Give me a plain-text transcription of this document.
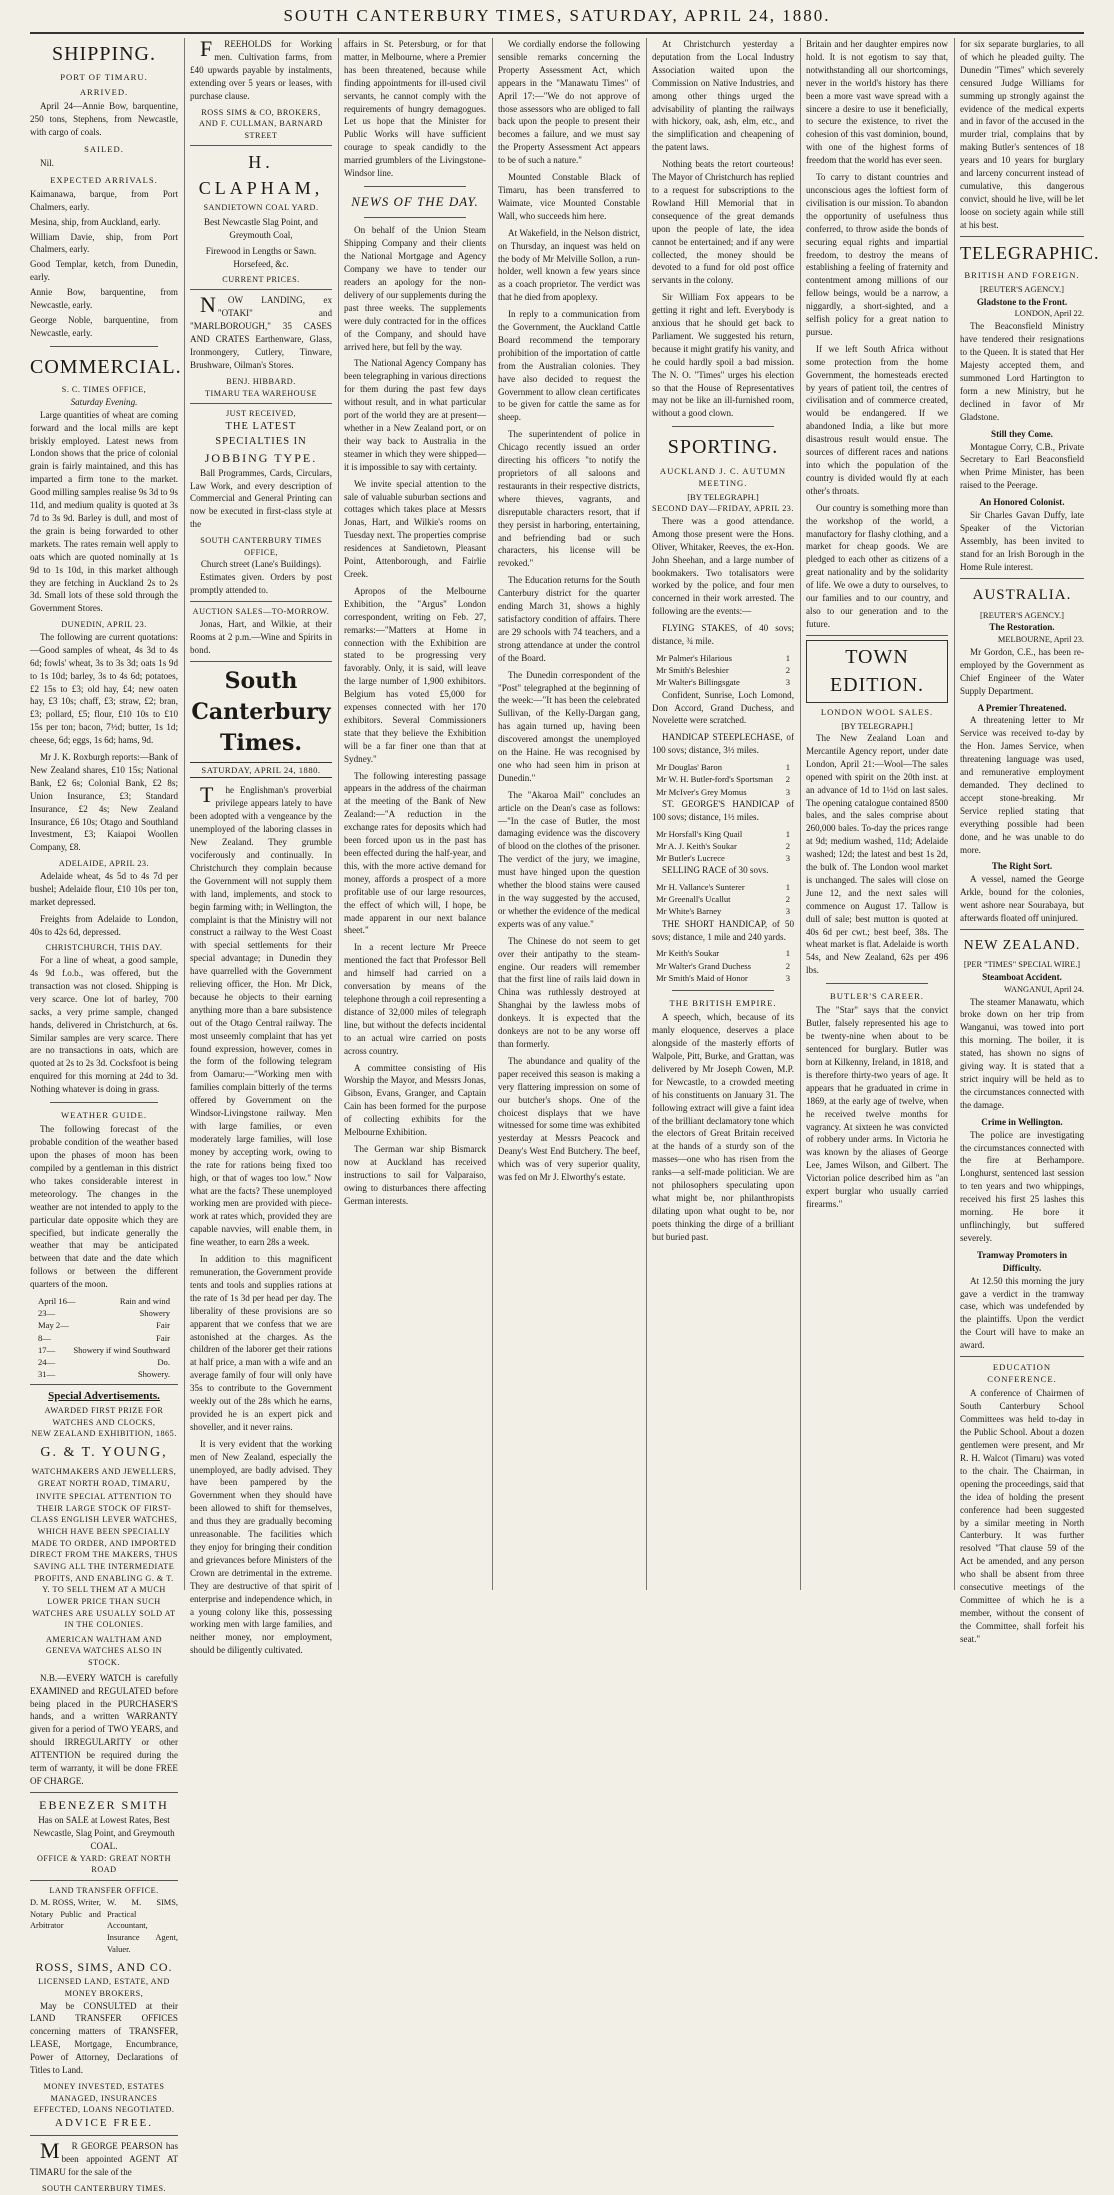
SOUTH CANTERBURY TIMES, SATURDAY, APRIL 24, 1880.
SHIPPING.
PORT OF TIMARU.
ARRIVED.

April 24—Annie Bow, barquentine, 250 tons, Stephens, from Newcastle, with cargo of coals.

SAILED.

Nil.

EXPECTED ARRIVALS.
Kaimanawa, barque, from Port Chalmers, early.
Mesina, ship, from Auckland, early.
William Davie, ship, from Port Chalmers, early.
Good Templar, ketch, from Dunedin, early.
Annie Bow, barquentine, from Newcastle, early.
George Noble, barquentine, from Newcastle, early.
COMMERCIAL.
S. C. TIMES OFFICE,
Saturday Evening.

Large quantities of wheat are coming forward and the local mills are kept briskly employed. Latest news from London shows that the price of colonial grain is fairly maintained, and this has imparted a firm tone to the market. Good milling samples realise 9s 3d to 9s 11d, and medium quality is quoted at 3s 7d to 3s 9d. Barley is dull, and most of the grain is being forwarded to other markets. The rates remain well apply to oats which are quoted nominally at 1s 9d to 1s 10d, in this market although they are fetching in Auckland 2s to 2s 3d. Small lots of these sold through the Government Stores.

DUNEDIN, APRIL 23.

The following are current quotations:—Good samples of wheat, 4s 3d to 4s 6d; fowls' wheat, 3s to 3s 3d; oats 1s 9d to 1s 10d; barley, 3s to 4s 6d; potatoes, £2 15s to £3; old hay, £4; new oaten hay, £3 10s; chaff, £3; straw, £2; bran, £3; pollard, £5; flour, £10 10s to £10 15s per ton; bacon, 7½d; butter, 1s 1d; cheese, 6d; eggs, 1s 6d; hams, 9d.

Mr J. K. Roxburgh reports:—Bank of New Zealand shares, £10 15s; National Bank, £2 6s; Colonial Bank, £2 8s; Union Insurance, £3; Standard Insurance, £2 4s; New Zealand Insurance, £6 10s; Otago and Southland Investment, £3; Kaiapoi Woollen Company, £8.

ADELAIDE, APRIL 23.

Adelaide wheat, 4s 5d to 4s 7d per bushel; Adelaide flour, £10 10s per ton, market depressed.

Freights from Adelaide to London, 40s to 42s 6d, depressed.

CHRISTCHURCH, THIS DAY.

For a line of wheat, a good sample, 4s 9d f.o.b., was offered, but the transaction was not closed. Shipping is very scarce. One lot of barley, 700 sacks, a very prime sample, changed hands, delivered in Christchurch, at 6s. Similar samples are very scarce. There are no transactions in oats, which are quoted at 2s to 2s 3d. Cocksfoot is being enquired for this morning at 24d to 3d. Nothing whatever is doing in grass.

WEATHER GUIDE.

The following forecast of the probable condition of the weather based upon the phases of moon has been compiled by a gentleman in this district who takes considerable interest in meteorology. The changes in the weather are not intended to apply to the particular date opposite which they are specified, but indicate generally the weather that may be anticipated between that date and the date which follows or between the different quarters of the moon.

April 16—	Rain and wind
23—	Showery
May 2—	Fair
8—	Fair
17— Showery if wind Southward
24—	Do.
31—	Showery.
Special Advertisements.
AWARDED FIRST PRIZE FOR
WATCHES AND CLOCKS,
NEW ZEALAND EXHIBITION, 1865.
G. & T. YOUNG,
WATCHMAKERS AND JEWELLERS,
GREAT NORTH ROAD, TIMARU,
INVITE SPECIAL ATTENTION TO THEIR LARGE STOCK OF FIRST-CLASS ENGLISH LEVER WATCHES, WHICH HAVE BEEN SPECIALLY MADE TO ORDER, AND IMPORTED DIRECT FROM THE MAKERS, THUS SAVING ALL THE INTERMEDIATE PROFITS, AND ENABLING G. & T. Y. TO SELL THEM AT A MUCH LOWER PRICE THAN SUCH WATCHES ARE USUALLY SOLD AT IN THE COLONIES.
AMERICAN WALTHAM AND GENEVA WATCHES ALSO IN STOCK.

N.B.—EVERY WATCH is carefully EXAMINED and REGULATED before being placed in the PURCHASER'S hands, and a written WARRANTY given for a period of TWO YEARS, and should IRREGULARITY or other ATTENTION be required during the term of warranty, it will be done FREE OF CHARGE.

EBENEZER SMITH
Has on SALE at Lowest Rates, Best Newcastle, Slag Point, and Greymouth COAL.
OFFICE & YARD: GREAT NORTH ROAD
LAND TRANSFER OFFICE.
D. M. ROSS, Writer, Notary Public and Arbitrator
W. M. SIMS, Practical Accountant, Insurance Agent, Valuer.
ROSS, SIMS, AND CO.
LICENSED LAND, ESTATE, AND MONEY BROKERS,

May be CONSULTED at their LAND TRANSFER OFFICES concerning matters of TRANSFER, LEASE, Mortgage, Encumbrance, Power of Attorney, Declarations of Titles to Land.

MONEY INVESTED, ESTATES MANAGED, INSURANCES EFFECTED, LOANS NEGOTIATED.
ADVICE FREE.

MR GEORGE PEARSON has been appointed AGENT AT TIMARU for the sale of the

SOUTH CANTERBURY TIMES.

FREEHOLDS for Working men. Cultivation farms, from £40 upwards payable by instalments, extending over 5 years or leases, with purchase clause.

ROSS SIMS & CO, BROKERS,
AND F. CULLMAN, BARNARD STREET
H. CLAPHAM,
SANDIETOWN COAL YARD.
Best Newcastle Slag Point, and Greymouth Coal,
Firewood in Lengths or Sawn.
Horsefeed, &c.
CURRENT PRICES.

NOW LANDING, ex "OTAKI" and "MARLBOROUGH," 35 CASES AND CRATES Earthenware, Glass, Ironmongery, Cutlery, Tinware, Brushware, Oilman's Stores.

BENJ. HIBBARD.
TIMARU TEA WAREHOUSE
JUST RECEIVED,
THE LATEST SPECIALTIES IN
JOBBING TYPE.

Ball Programmes, Cards, Circulars, Law Work, and every description of Commercial and General Printing can now be executed in first-class style at the

SOUTH CANTERBURY TIMES OFFICE,
Church street (Lane's Buildings).

Estimates given. Orders by post promptly attended to.

AUCTION SALES—TO-MORROW.

Jonas, Hart, and Wilkie, at their Rooms at 2 p.m.—Wine and Spirits in bond.

South Canterbury Times.
SATURDAY, APRIL 24, 1880.

The Englishman's proverbial privilege appears lately to have been adopted with a vengeance by the unemployed of the laboring classes in New Zealand. They grumble vociferously and continually. In Christchurch they complain because the Government will not supply them with land, implements, and stock to begin farming with; in Wellington, the complaint is that the Ministry will not construct a railway to the West Coast with special settlements for their special advantage; in Dunedin they have quarrelled with the Government relieving officer, the Hon. Mr Dick, because he objects to their earning anything more than a bare subsistence out of the Otago Central railway. The most unseemly complaint that has yet found expression, however, comes in the form of the following telegram from Oamaru:—"Working men with families complain bitterly of the terms offered by Government on the Windsor-Livingstone railway. Men with large families, or even moderately large families, will lose money by accepting work, owing to the rate for rations being fixed too high, or that of wages too low." Now what are the facts? These unemployed working men are provided with piece-work at rates which, provided they are capable navvies, will enable them, in fine weather, to earn 28s a week.

In addition to this magnificent remuneration, the Government provide tents and tools and supplies rations at the rate of 1s 3d per head per day. The liberality of these provisions are so apparent that we confess that we are astonished at the charges. As the children of the laborer get their rations at half price, a man with a wife and an average family of four will only have 35s to contribute to the Government weekly out of the 28s which he earns, provided he is an expert pick and shoveller, and it never rains.

It is very evident that the working men of New Zealand, especially the unemployed, are badly advised. They have been pampered by the Government when they should have been allowed to shift for themselves, and thus they are gradually becoming unreasonable. The facilities which they enjoy for bringing their condition and grievances before Ministers of the Crown are detrimental in the extreme. They are destructive of that spirit of enterprise and independence which, in a young colony like this, possessing working men with large families, and neither money, nor employment, should be diligently cultivated.

affairs in St. Petersburg, or for that matter, in Melbourne, where a Premier has been threatened, because while finding appointments for ill-used civil servants, he cannot comply with the requirements of hungry demagogues. Let us hope that the Minister for Public Works will have sufficient courage to speak candidly to the married grumblers of the Livingstone-Windsor line.

NEWS OF THE DAY.

On behalf of the Union Steam Shipping Company and their clients the National Mortgage and Agency Company we have to tender our readers an apology for the non-delivery of our supplements during the past three weeks. The supplements were duly contracted for in the offices of the Company, and should have arrived here, but fell by the way.

The National Agency Company has been telegraphing in various directions for them during the past few days without result, and in what particular port of the world they are at present—whether in a New Zealand port, or on their way back to Australia in the steamer in which they were shipped—it is impossible to say with certainty.

We invite special attention to the sale of valuable suburban sections and cottages which takes place at Messrs Jonas, Hart, and Wilkie's rooms on Tuesday next. The properties comprise residences at Sandietown, Pleasant Point, Attenborough, and Fairlie Creek.

Apropos of the Melbourne Exhibition, the "Argus" London correspondent, writing on Feb. 27, remarks:—"Matters at Home in connection with the Exhibition are stated to be progressing very favorably. Only, it is said, will leave the large number of 1,900 exhibitors. Belgium has voted £5,000 for expenses connected with her 170 exhibitors. Several Commissioners state that they believe the Exhibition will be a far finer one than that at Sydney."

The following interesting passage appears in the address of the chairman at the meeting of the Bank of New Zealand:—"A reduction in the exchange rates for deposits which had been forced upon us in the past has been effected during the half-year, and this, with the more active demand for money, affords a prospect of a more profitable use of our large resources, the effect of which will, I hope, be made apparent in our next balance sheet."

In a recent lecture Mr Preece mentioned the fact that Professor Bell and himself had carried on a conversation by means of the telephone through a coil representing a distance of 32,000 miles of telegraph line, but without the defects incidental to an actual wire carried on posts across country.

A committee consisting of His Worship the Mayor, and Messrs Jonas, Gibson, Evans, Granger, and Captain Cain has been formed for the purpose of collecting exhibits for the Melbourne Exhibition.

The German war ship Bismarck now at Auckland has received instructions to sail for Valparaiso, owing to disturbances there affecting German interests.

We cordially endorse the following sensible remarks concerning the Property Assessment Act, which appears in the "Manawatu Times" of April 17:—"We do not approve of those assessors who are obliged to fall back upon the people to present their becomes a failure, and we must say the Property Assessment Act appears to be of such a nature."

Mounted Constable Black of Timaru, has been transferred to Waimate, vice Mounted Constable Wall, who succeeds him here.

At Wakefield, in the Nelson district, on Thursday, an inquest was held on the body of Mr Melville Sollon, a run-holder, well known a few years since as a coach proprietor. The verdict was that he died from apoplexy.

In reply to a communication from the Government, the Auckland Cattle Board recommend the temporary prohibition of the importation of cattle from the Australian colonies. They have also decided to request the Government to allow clean certificates to be given for cattle the same as for sheep.

The superintendent of police in Chicago recently issued an order directing his officers "to notify the proprietors of all saloons and restaurants in their respective districts, where thieves, vagrants, and disreputable characters resort, that if they persist in harboring, entertaining, and befriending bad or such characters, his license will be revoked."

The Education returns for the South Canterbury district for the quarter ending March 31, shows a highly satisfactory condition of affairs. There are 29 schools with 74 teachers, and a strong attendance at under the control of the Board.

The Dunedin correspondent of the "Post" telegraphed at the beginning of the week:—"It has been the celebrated Sullivan, of the Kelly-Dargan gang, has again turned up, having been discovered amongst the unemployed on the Haine. He was recognised by one who had seen him in prison at Dunedin."

The "Akaroa Mail" concludes an article on the Dean's case as follows:—"In the case of Butler, the most damaging evidence was the discovery of blood on the clothes of the prisoner. The verdict of the jury, we imagine, must have hinged upon the question whether the blood stains were caused in the way suggested by the accused, or whether the evidence of the medical experts was of any value."

The Chinese do not seem to get over their antipathy to the steam-engine. Our readers will remember that the first line of rails laid down in China was ruthlessly destroyed at Shanghai by the lawless mobs of donkeys. It is expected that the donkeys are not to be any worse off than formerly.

The abundance and quality of the paper received this season is making a very flattering impression on some of our butcher's shops. One of the choicest displays that we have witnessed for some time was exhibited yesterday at Messrs Peacock and Deany's West End Butchery. The beef, which was of very superior quality, was fed on Mr J. Elworthy's estate.

At Christchurch yesterday a deputation from the Local Industry Association waited upon the Commission on Native Industries, and among other things urged the advisability of planting the railways with hickory, oak, ash, elm, etc., and the simplification and cheapening of the patent laws.

Nothing beats the retort courteous! The Mayor of Christchurch has replied to a request for subscriptions to the Rowland Hill Memorial that in consequence of the great demands upon the people of late, the idea cannot be entertained; and if any were collected, the money should be devoted to a fund for old post office servants in the colony.

Sir William Fox appears to be getting it right and left. Everybody is anxious that he should get back to Parliament. We suggested his return, because it might gratify his vanity, and he could hardly spoil a bad mission. The N. O. "Times" urges his election so that the House of Representatives may not be like an ill-furnished room, without a good clown.

SPORTING.
AUCKLAND J. C. AUTUMN MEETING.
[BY TELEGRAPH.]
SECOND DAY—FRIDAY, APRIL 23.

There was a good attendance. Among those present were the Hons. Oliver, Whitaker, Reeves, the ex-Hon. John Sheehan, and a large number of bookmakers. Two totalisators were worked by the police, and four men concerned in their work arrested. The following are the events:—

FLYING STAKES, of 40 sovs; distance, ¾ mile.

Mr Palmer's Hilarious	1
Mr Smith's Beleshier	2
Mr Walter's Billingsgate	3

Confident, Sunrise, Loch Lomond, Don Accord, Grand Duchess, and Novelette were scratched.

HANDICAP STEEPLECHASE, of 100 sovs; distance, 3½ miles.

Mr Douglas' Baron	1
Mr W. H. Butler-ford's Sportsman 2
Mr McIver's Grey Momus	3

ST. GEORGE'S HANDICAP of 100 sovs; distance, 1½ miles.

Mr Horsfall's King Quail	1
Mr A. J. Keith's Soukar	2
Mr Butler's Lucrece	3

SELLING RACE of 30 sovs.

Mr H. Vallance's Sunterer	1
Mr Greenall's Ucallut	2
Mr White's Barney	3

THE SHORT HANDICAP, of 50 sovs; distance, 1 mile and 240 yards.

Mr Keith's Soukar	1
Mr Walter's Grand Duchess	2
Mr Smith's Maid of Honor	3
THE BRITISH EMPIRE.

A speech, which, because of its manly eloquence, deserves a place alongside of the masterly efforts of Walpole, Pitt, Burke, and Grattan, was delivered by Mr Joseph Cowen, M.P. for Newcastle, to a crowded meeting of his constituents on January 31. The following extract will give a faint idea of the brilliant declamatory tone which the electors of Great Britain received at the hands of a sturdy son of the masses—one who has risen from the ranks—a self-made politician. We are not philosophers speculating upon what might be, nor philanthropists dilating upon what ought to be, nor poets thinking the dirge of a brilliant but buried past.

Britain and her daughter empires now hold. It is not egotism to say that, notwithstanding all our shortcomings, never in the world's history has there been a more vast wave spread with a sincere a desire to use it beneficially, to secure the existence, to rivet the cohesion of this vast dominion, bound, with one of the highest forms of freedom that the world has ever seen.

To carry to distant countries and unconscious ages the loftiest form of civilisation is our mission. To abandon the opportunity of usefulness thus conferred, to throw aside the bonds of securing equal rights and impartial freedom, to destroy the means of establishing a feeling of fraternity and contentment among millions of our fellow beings, would be a narrow, a niggardly, a short-sighted, and a selfish policy for a great nation to pursue.

If we left South Africa without some protection from the home Government, the homesteads erected by years of patient toil, the centres of civilisation and of commerce created, would be endangered. If we abandoned India, a like but more disastrous result would ensue. The sources of different races and nations into which the population of the country is divided would fly at each other's throats.

Our country is something more than the workshop of the world, a manufactory for flashy clothing, and a market for cheap goods. We are pledged to each other as citizens of a great nationality and by the solidarity of life. We owe a duty to ourselves, to our families and to our country, and also to our generation and to the future.

TOWN EDITION.
LONDON WOOL SALES.
[BY TELEGRAPH.]

The New Zealand Loan and Mercantile Agency report, under date London, April 21:—Wool—The sales opened with spirit on the 20th inst. at an advance of 1d to 1½d on last sales. The opening catalogue contained 8500 bales, and the sales comprise about 260,000 bales. To-day the prices range at 9d; medium washed, 11d; Adelaide washed; 12d; the latest and best 1s 2d, the bulk of. The London wool market is unchanged. The sales will close on June 12, and the next sales will commence on August 17. Tallow is dull of sale; best mutton is quoted at 40s 6d per cwt.; best beef, 38s. The wheat market is flat. Adelaide is worth 54s, and New Zealand, 62s per 496 lbs.

BUTLER'S CAREER.

The "Star" says that the convict Butler, falsely represented his age to be twenty-nine when about to be sentenced for burglary. Butler was born at Kilkenny, Ireland, in 1818, and is therefore thirty-two years of age. It appears that he graduated in crime in 1869, at the early age of twelve, when he received twelve months for vagrancy. At sixteen he was convicted of robbery under arms. In Victoria he was known by the aliases of George Lee, James Wilson, and Gilbert. The Victorian police described him as "an expert burglar who usually carried firearms."

for six separate burglaries, to all of which he pleaded guilty. The Dunedin "Times" which severely censured Judge Williams for summing up strongly against the evidence of the medical experts and in favor of the accused in the murder trial, complains that by making Butler's sentences of 18 years and 10 years for burglary and larceny concurrent instead of cumulative, this dangerous convict, should he live, will be let loose on society again while still at his best.

TELEGRAPHIC.
BRITISH AND FOREIGN.
[REUTER'S AGENCY.]
Gladstone to the Front.
LONDON, April 22.

The Beaconsfield Ministry have tendered their resignations to the Queen. It is stated that Her Majesty accepted them, and summoned Lord Hartington to form a new Ministry, but he declined in favor of Mr Gladstone.

Still they Come.

Montague Corry, C.B., Private Secretary to Earl Beaconsfield when Prime Minister, has been raised to the Peerage.

An Honored Colonist.

Sir Charles Gavan Duffy, late Speaker of the Victorian Assembly, has been invited to stand for an Irish Borough in the Home Rule interest.

AUSTRALIA.
[REUTER'S AGENCY.]
The Restoration.
MELBOURNE, April 23.

Mr Gordon, C.E., has been re-employed by the Government as Chief Engineer of the Water Supply Department.

A Premier Threatened.

A threatening letter to Mr Service was received to-day by the Hon. James Service, when threatening language was used, and remunerative employment demanded. They declined to accept stone-breaking. Mr Service replied stating that everything possible had been done, and he was unable to do more.

The Right Sort.

A vessel, named the George Arkle, bound for the colonies, went ashore near Sourabaya, but afterwards floated off uninjured.

NEW ZEALAND.
[PER "TIMES" SPECIAL WIRE.]
Steamboat Accident.
WANGANUI, April 24.

The steamer Manawatu, which broke down on her trip from Wanganui, was towed into port this morning. The boiler, it is stated, has shown no signs of giving way. It is stated that a strict inquiry will be held as to the circumstances connected with the damage.

Crime in Wellington.

The police are investigating the circumstances connected with the fire at Berhampore. Longhurst, sentenced last session to ten years and two whippings, received his first 25 lashes this morning. He bore it unflinchingly, but suffered severely.

Tramway Promoters in Difficulty.

At 12.50 this morning the jury gave a verdict in the tramway case, which was undefended by the plaintiffs. Upon the verdict the Court will have to make an award.

EDUCATION CONFERENCE.

A conference of Chairmen of South Canterbury School Committees was held to-day in the Public School. About a dozen gentlemen were present, and Mr R. H. Walcot (Timaru) was voted to the chair. The Chairman, in opening the proceedings, said that the idea of holding the present conference had been suggested by a similar meeting in North Canterbury. It was further resolved "That clause 59 of the Act be amended, and any person who shall be absent from three consecutive meetings of the Committee of which he is a member, without the consent of the Committee, shall forfeit his seat."
